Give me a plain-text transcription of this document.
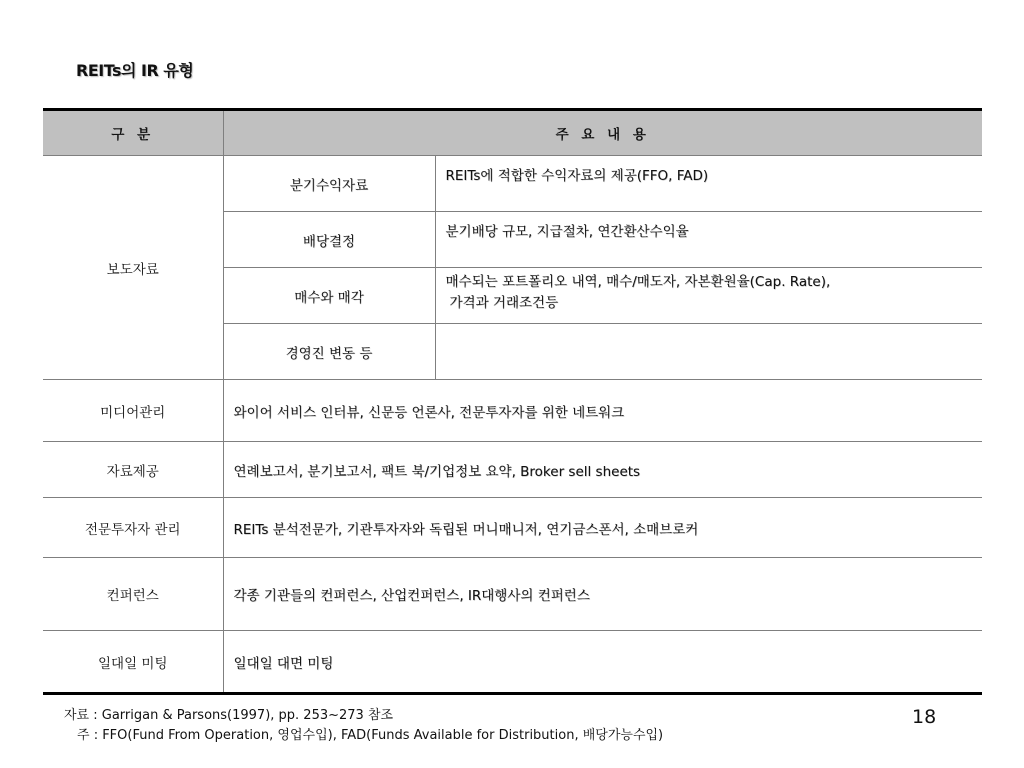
REITs의 IR 유형
구 분	주 요 내 용	
보도자료	분기수익자료	REITs에 적합한 수익자료의 제공(FFO, FAD)
	배당결정	분기배당 규모, 지급절차, 연간환산수익율
	매수와 매각	매수되는 포트폴리오 내역, 매수/매도자, 자본환원율(Cap. Rate),
가격과 거래조건등

	경영진 변동 등	
미디어관리	와이어 서비스 인터뷰, 신문등 언론사, 전문투자자를 위한 네트워크	
자료제공	연례보고서, 분기보고서, 팩트 북/기업정보 요약, Broker sell sheets	
전문투자자 관리	REITs 분석전문가, 기관투자자와 독립된 머니매니저, 연기금스폰서, 소매브로커	
컨퍼런스	각종 기관들의 컨퍼런스, 산업컨퍼런스, IR대행사의 컨퍼런스	
일대일 미팅	일대일 대면 미팅	
자료 : Garrigan & Parsons(1997), pp. 253~273 참조
주 : FFO(Fund From Operation, 영업수입), FAD(Funds Available for Distribution, 배당가능수입)
18
